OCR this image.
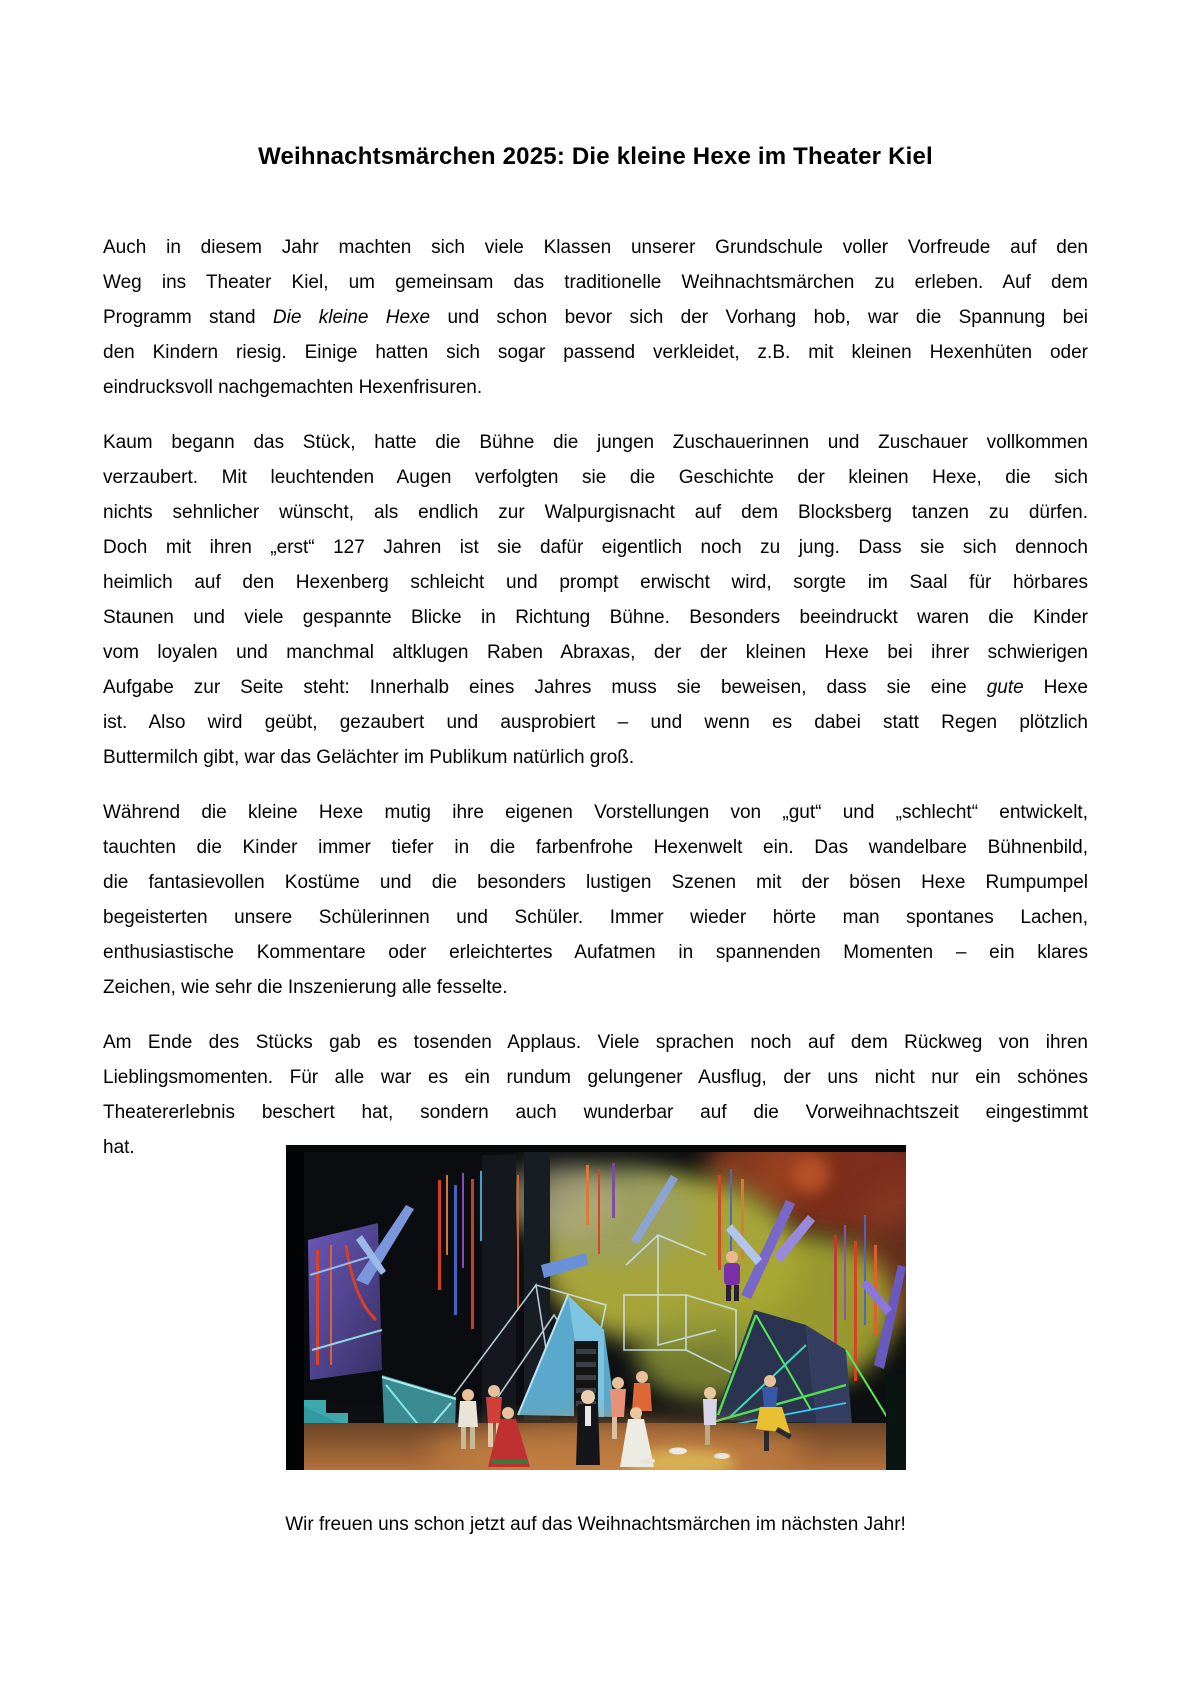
Weihnachtsmärchen 2025: Die kleine Hexe im Theater Kiel
Auch in diesem Jahr machten sich viele Klassen unserer Grundschule voller Vorfreude auf den
Weg ins Theater Kiel, um gemeinsam das traditionelle Weihnachtsmärchen zu erleben. Auf dem
Programm stand Die kleine Hexe und schon bevor sich der Vorhang hob, war die Spannung bei
den Kindern riesig. Einige hatten sich sogar passend verkleidet, z.B. mit kleinen Hexenhüten oder
eindrucksvoll nachgemachten Hexenfrisuren.
Kaum begann das Stück, hatte die Bühne die jungen Zuschauerinnen und Zuschauer vollkommen
verzaubert. Mit leuchtenden Augen verfolgten sie die Geschichte der kleinen Hexe, die sich
nichts sehnlicher wünscht, als endlich zur Walpurgisnacht auf dem Blocksberg tanzen zu dürfen.
Doch mit ihren „erst“ 127 Jahren ist sie dafür eigentlich noch zu jung. Dass sie sich dennoch
heimlich auf den Hexenberg schleicht und prompt erwischt wird, sorgte im Saal für hörbares
Staunen und viele gespannte Blicke in Richtung Bühne. Besonders beeindruckt waren die Kinder
vom loyalen und manchmal altklugen Raben Abraxas, der der kleinen Hexe bei ihrer schwierigen
Aufgabe zur Seite steht: Innerhalb eines Jahres muss sie beweisen, dass sie eine gute Hexe
ist. Also wird geübt, gezaubert und ausprobiert – und wenn es dabei statt Regen plötzlich
Buttermilch gibt, war das Gelächter im Publikum natürlich groß.
Während die kleine Hexe mutig ihre eigenen Vorstellungen von „gut“ und „schlecht“ entwickelt,
tauchten die Kinder immer tiefer in die farbenfrohe Hexenwelt ein. Das wandelbare Bühnenbild,
die fantasievollen Kostüme und die besonders lustigen Szenen mit der bösen Hexe Rumpumpel
begeisterten unsere Schülerinnen und Schüler. Immer wieder hörte man spontanes Lachen,
enthusiastische Kommentare oder erleichtertes Aufatmen in spannenden Momenten – ein klares
Zeichen, wie sehr die Inszenierung alle fesselte.
Am Ende des Stücks gab es tosenden Applaus. Viele sprachen noch auf dem Rückweg von ihren
Lieblingsmomenten. Für alle war es ein rundum gelungener Ausflug, der uns nicht nur ein schönes
Theatererlebnis beschert hat, sondern auch wunderbar auf die Vorweihnachtszeit eingestimmt
hat.
Wir freuen uns schon jetzt auf das Weihnachtsmärchen im nächsten Jahr!
